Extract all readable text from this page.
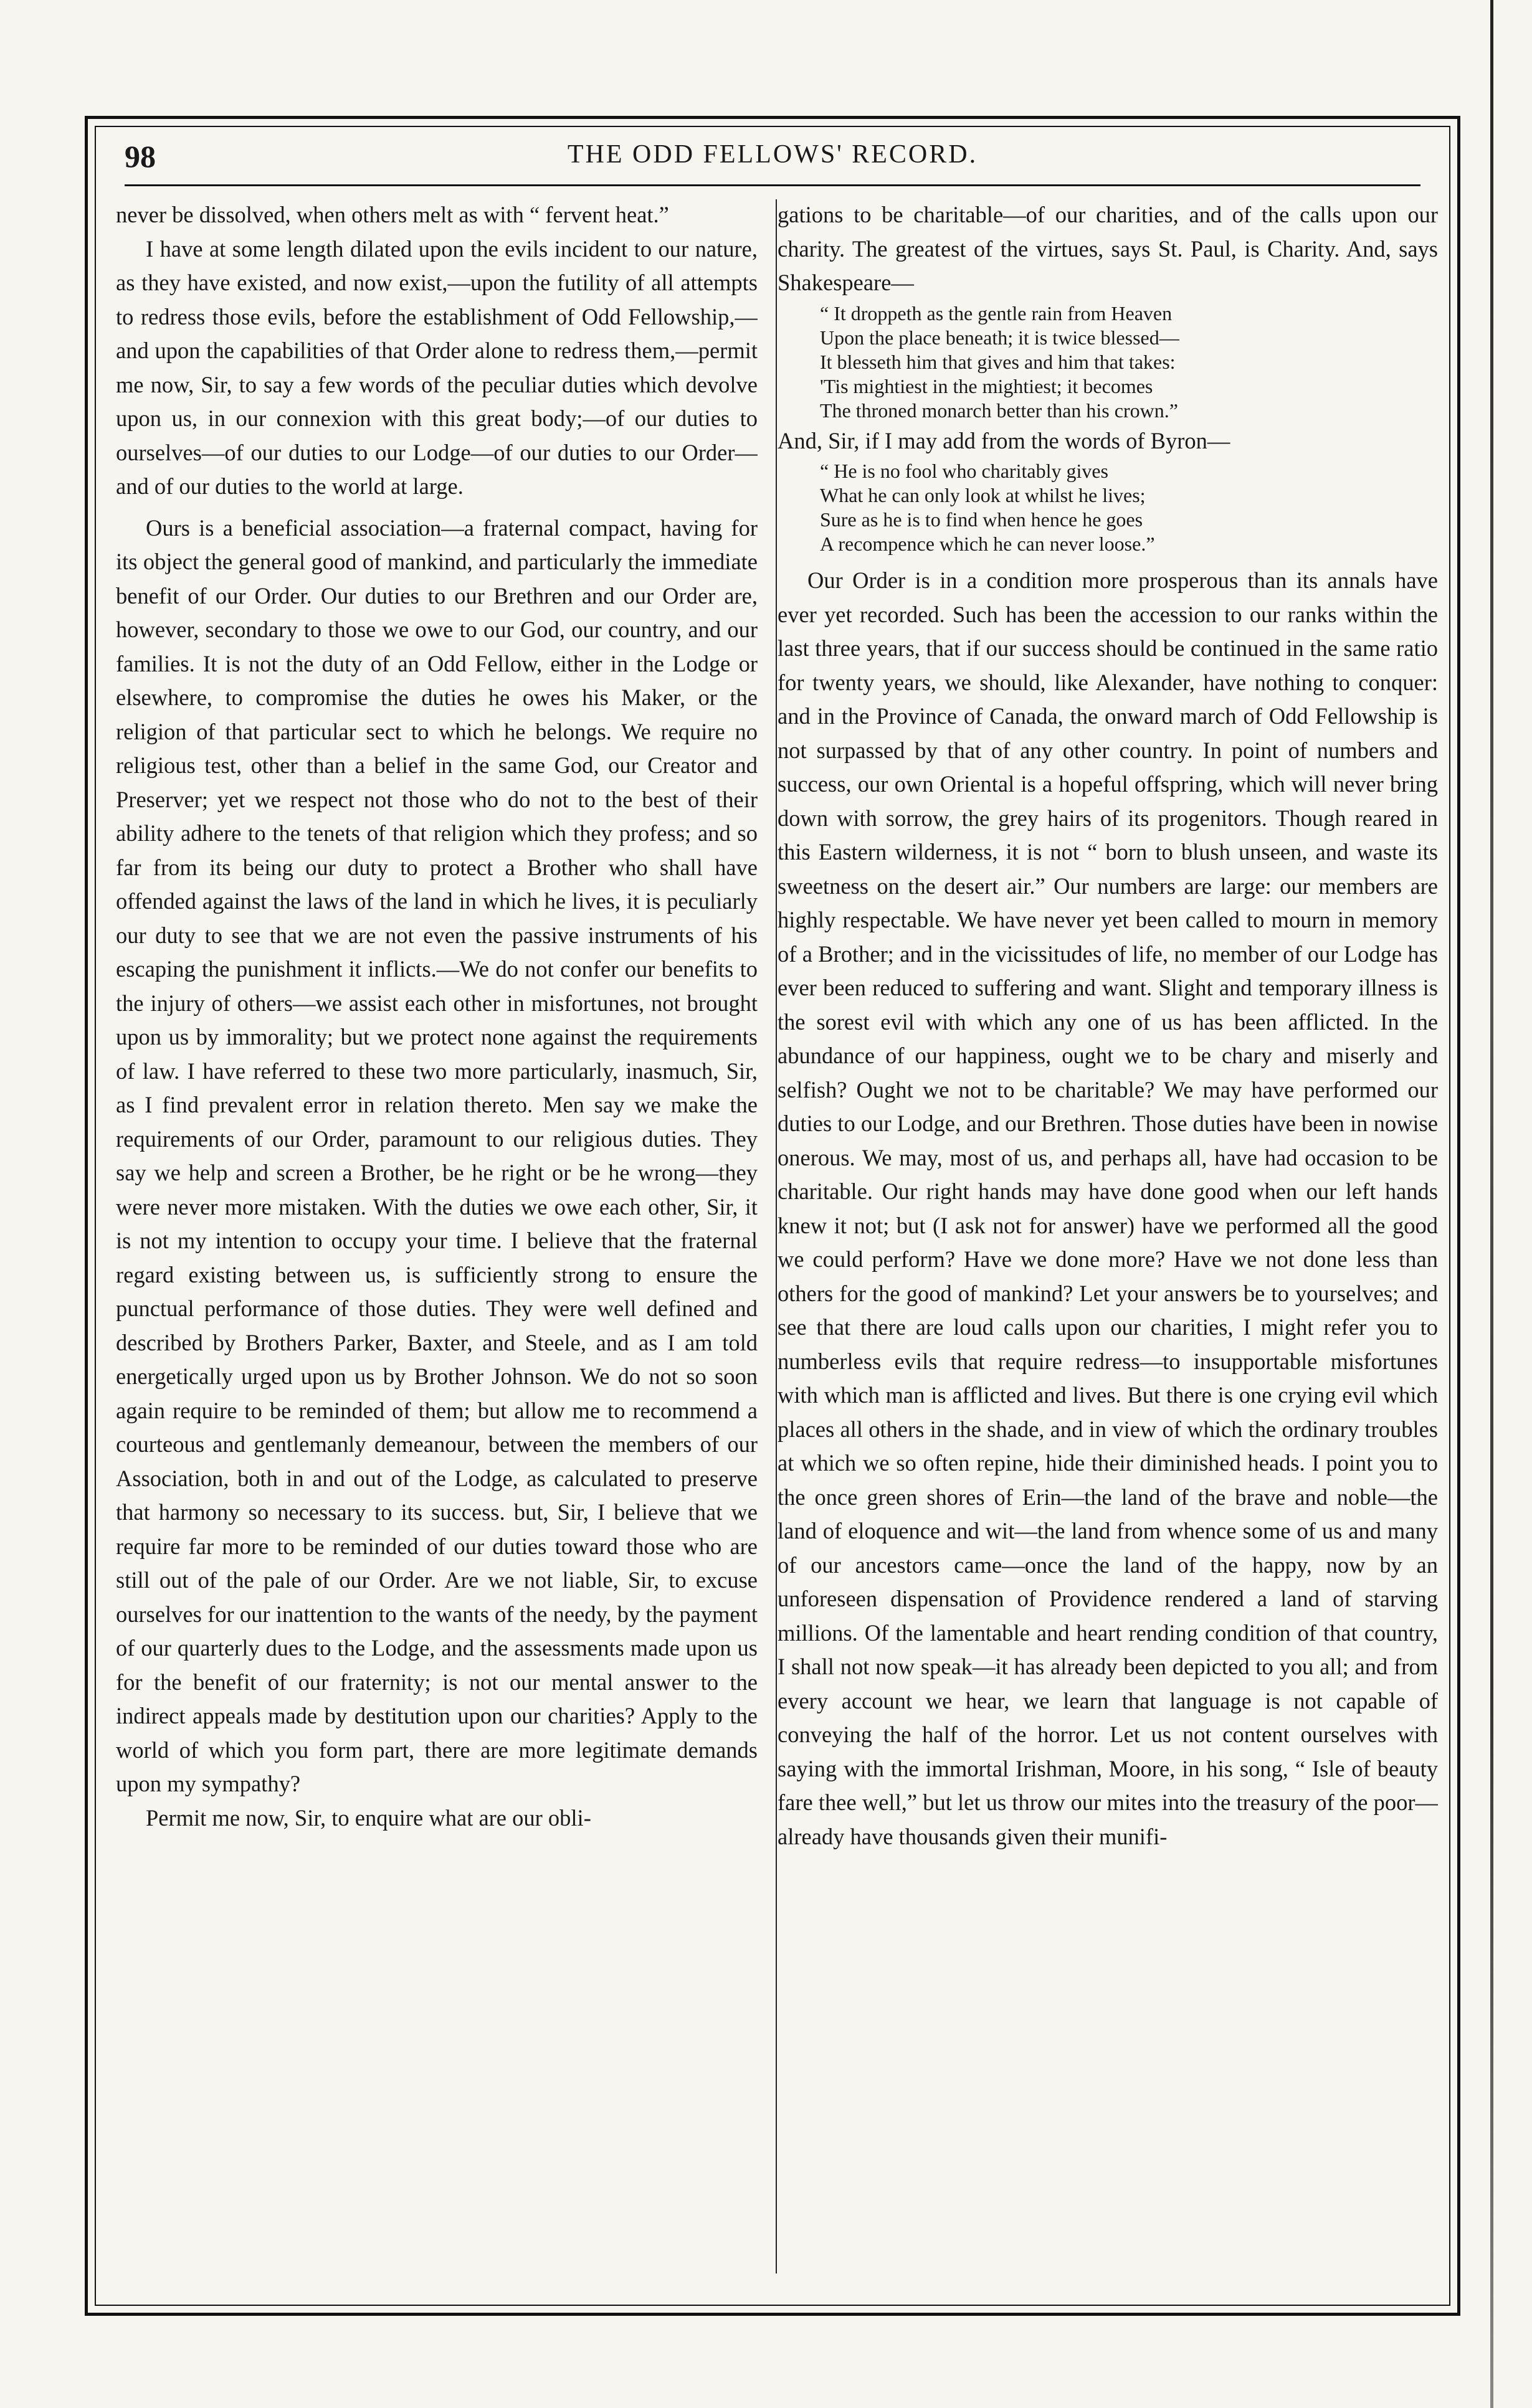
98	THE ODD FELLOWS' RECORD.

never be dissolved, when others melt as with “ fervent heat.”

I have at some length dilated upon the evils incident to our nature, as they have existed, and now exist,—upon the futility of all attempts to redress those evils, before the establishment of Odd Fellowship,—and upon the capabilities of that Order alone to redress them,—permit me now, Sir, to say a few words of the peculiar duties which devolve upon us, in our connexion with this great body;—of our duties to ourselves—of our duties to our Lodge—of our duties to our Order—and of our duties to the world at large.

Ours is a beneficial association—a fraternal compact, having for its object the general good of mankind, and particularly the immediate benefit of our Order. Our duties to our Brethren and our Order are, however, secondary to those we owe to our God, our country, and our families. It is not the duty of an Odd Fellow, either in the Lodge or elsewhere, to compromise the duties he owes his Maker, or the religion of that particular sect to which he belongs. We require no religious test, other than a belief in the same God, our Creator and Preserver; yet we respect not those who do not to the best of their ability adhere to the tenets of that religion which they profess; and so far from its being our duty to protect a Brother who shall have offended against the laws of the land in which he lives, it is peculiarly our duty to see that we are not even the passive instruments of his escaping the punishment it inflicts.—We do not confer our benefits to the injury of others—we assist each other in misfortunes, not brought upon us by immorality; but we protect none against the requirements of law. I have referred to these two more particularly, inasmuch, Sir, as I find prevalent error in relation thereto. Men say we make the requirements of our Order, paramount to our religious duties. They say we help and screen a Brother, be he right or be he wrong—they were never more mistaken. With the duties we owe each other, Sir, it is not my intention to occupy your time. I believe that the fraternal regard existing between us, is sufficiently strong to ensure the punctual performance of those duties. They were well defined and described by Brothers Parker, Baxter, and Steele, and as I am told energetically urged upon us by Brother Johnson. We do not so soon again require to be reminded of them; but allow me to recommend a courteous and gentlemanly demeanour, between the members of our Association, both in and out of the Lodge, as calculated to preserve that harmony so necessary to its success. but, Sir, I believe that we require far more to be reminded of our duties toward those who are still out of the pale of our Order. Are we not liable, Sir, to excuse ourselves for our inattention to the wants of the needy, by the payment of our quarterly dues to the Lodge, and the assessments made upon us for the benefit of our fraternity; is not our mental answer to the indirect appeals made by destitution upon our charities? Apply to the world of which you form part, there are more legitimate demands upon my sympathy?

Permit me now, Sir, to enquire what are our obli-

gations to be charitable—of our charities, and of the calls upon our charity. The greatest of the virtues, says St. Paul, is Charity. And, says Shakespeare—

“ It droppeth as the gentle rain from Heaven
Upon the place beneath; it is twice blessed—
It blesseth him that gives and him that takes:
'Tis mightiest in the mightiest; it becomes
The throned monarch better than his crown.”

And, Sir, if I may add from the words of Byron—

“ He is no fool who charitably gives
What he can only look at whilst he lives;
Sure as he is to find when hence he goes
A recompence which he can never loose.”

Our Order is in a condition more prosperous than its annals have ever yet recorded. Such has been the accession to our ranks within the last three years, that if our success should be continued in the same ratio for twenty years, we should, like Alexander, have nothing to conquer: and in the Province of Canada, the onward march of Odd Fellowship is not surpassed by that of any other country. In point of numbers and success, our own Oriental is a hopeful offspring, which will never bring down with sorrow, the grey hairs of its progenitors. Though reared in this Eastern wilderness, it is not “ born to blush unseen, and waste its sweetness on the desert air.” Our numbers are large: our members are highly respectable. We have never yet been called to mourn in memory of a Brother; and in the vicissitudes of life, no member of our Lodge has ever been reduced to suffering and want. Slight and temporary illness is the sorest evil with which any one of us has been afflicted. In the abundance of our happiness, ought we to be chary and miserly and selfish? Ought we not to be charitable? We may have performed our duties to our Lodge, and our Brethren. Those duties have been in nowise onerous. We may, most of us, and perhaps all, have had occasion to be charitable. Our right hands may have done good when our left hands knew it not; but (I ask not for answer) have we performed all the good we could perform? Have we done more? Have we not done less than others for the good of mankind? Let your answers be to yourselves; and see that there are loud calls upon our charities, I might refer you to numberless evils that require redress—to insupportable misfortunes with which man is afflicted and lives. But there is one crying evil which places all others in the shade, and in view of which the ordinary troubles at which we so often repine, hide their diminished heads. I point you to the once green shores of Erin—the land of the brave and noble—the land of eloquence and wit—the land from whence some of us and many of our ancestors came—once the land of the happy, now by an unforeseen dispensation of Providence rendered a land of starving millions. Of the lamentable and heart rending condition of that country, I shall not now speak—it has already been depicted to you all; and from every account we hear, we learn that language is not capable of conveying the half of the horror. Let us not content ourselves with saying with the immortal Irishman, Moore, in his song, “ Isle of beauty fare thee well,” but let us throw our mites into the treasury of the poor—already have thousands given their munifi-
